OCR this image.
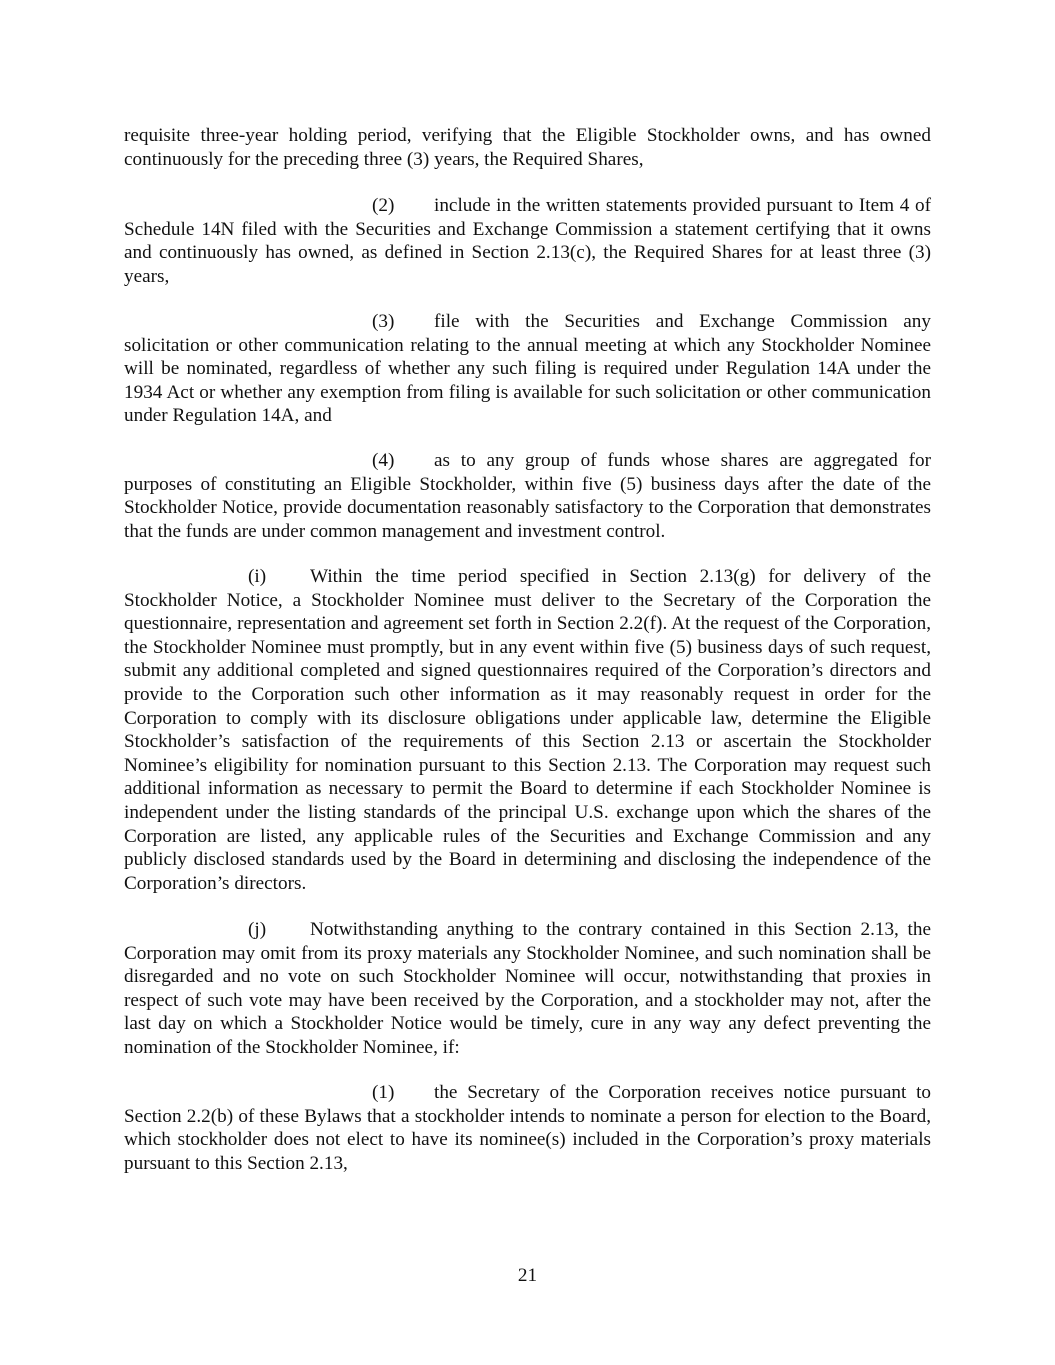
requisite three-year holding period, verifying that the Eligible Stockholder owns, and has owned continuously for the preceding three (3) years, the Required Shares,

(2) include in the written statements provided pursuant to Item 4 of Schedule 14N filed with the Securities and Exchange Commission a statement certifying that it owns and continuously has owned, as defined in Section 2.13(c), the Required Shares for at least three (3) years,

(3) file with the Securities and Exchange Commission any solicitation or other communication relating to the annual meeting at which any Stockholder Nominee will be nominated, regardless of whether any such filing is required under Regulation 14A under the 1934 Act or whether any exemption from filing is available for such solicitation or other communication under Regulation 14A, and

(4) as to any group of funds whose shares are aggregated for purposes of constituting an Eligible Stockholder, within five (5) business days after the date of the Stockholder Notice, provide documentation reasonably satisfactory to the Corporation that demonstrates that the funds are under common management and investment control.

(i) Within the time period specified in Section 2.13(g) for delivery of the Stockholder Notice, a Stockholder Nominee must deliver to the Secretary of the Corporation the questionnaire, representation and agreement set forth in Section 2.2(f). At the request of the Corporation, the Stockholder Nominee must promptly, but in any event within five (5) business days of such request, submit any additional completed and signed questionnaires required of the Corporation’s directors and provide to the Corporation such other information as it may reasonably request in order for the Corporation to comply with its disclosure obligations under applicable law, determine the Eligible Stockholder’s satisfaction of the requirements of this Section 2.13 or ascertain the Stockholder Nominee’s eligibility for nomination pursuant to this Section 2.13. The Corporation may request such additional information as necessary to permit the Board to determine if each Stockholder Nominee is independent under the listing standards of the principal U.S. exchange upon which the shares of the Corporation are listed, any applicable rules of the Securities and Exchange Commission and any publicly disclosed standards used by the Board in determining and disclosing the independence of the Corporation’s directors.

(j) Notwithstanding anything to the contrary contained in this Section 2.13, the Corporation may omit from its proxy materials any Stockholder Nominee, and such nomination shall be disregarded and no vote on such Stockholder Nominee will occur, notwithstanding that proxies in respect of such vote may have been received by the Corporation, and a stockholder may not, after the last day on which a Stockholder Notice would be timely, cure in any way any defect preventing the nomination of the Stockholder Nominee, if:

(1) the Secretary of the Corporation receives notice pursuant to Section 2.2(b) of these Bylaws that a stockholder intends to nominate a person for election to the Board, which stockholder does not elect to have its nominee(s) included in the Corporation’s proxy materials pursuant to this Section 2.13,

21
